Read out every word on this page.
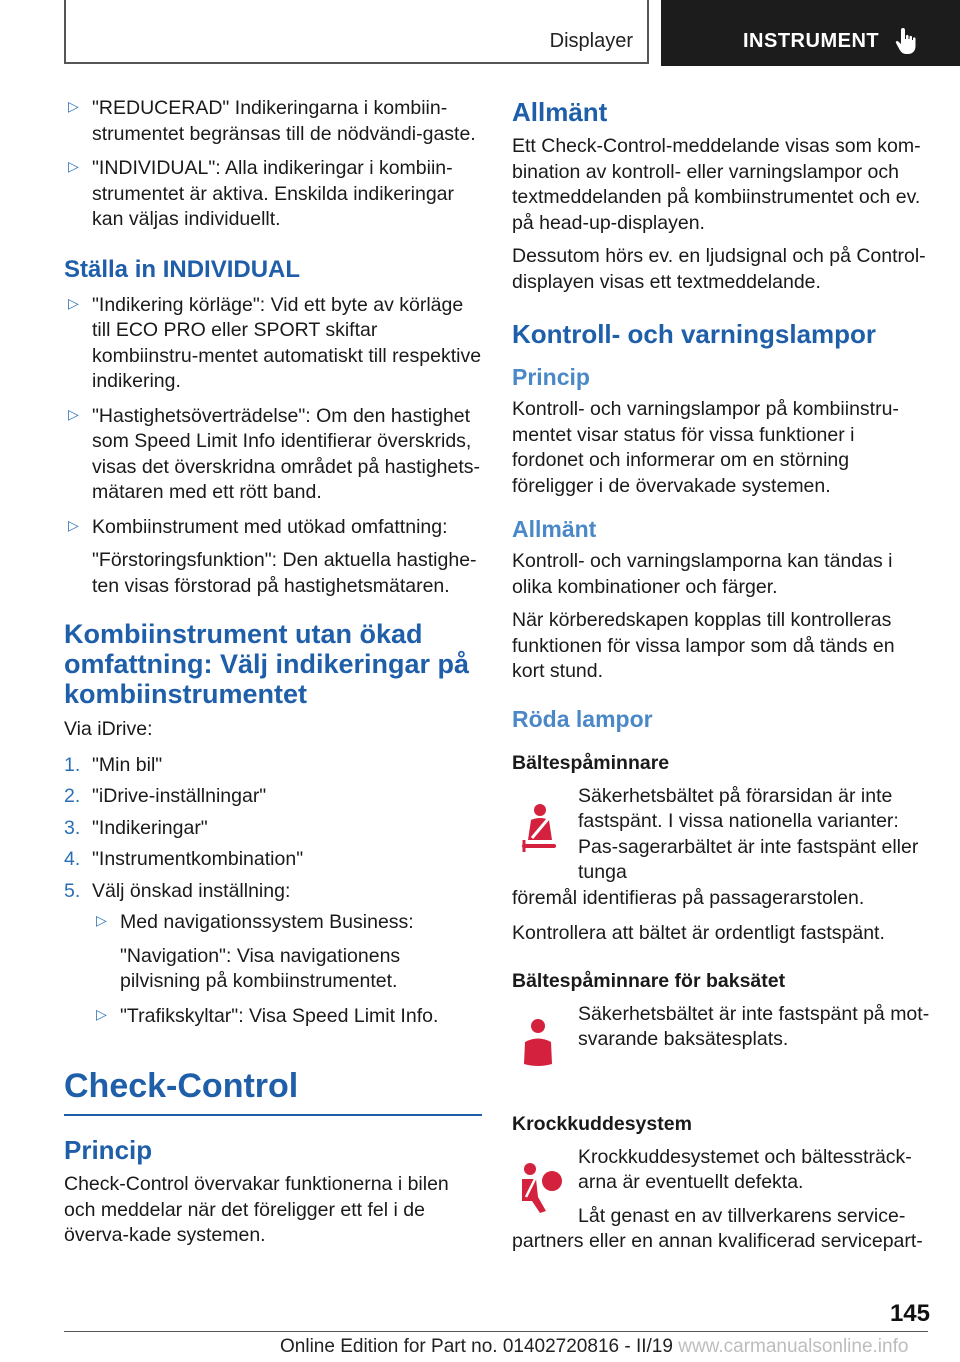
Displayer	INSTRUMENT
▷ "REDUCERAD" Indikeringarna i kombiin-strumentet begränsas till de nödvändi-gaste.

▷ "INDIVIDUAL": Alla indikeringar i kombiin-strumentet är aktiva. Enskilda indikeringar kan väljas individuellt.

Ställa in INDIVIDUAL
▷ "Indikering körläge": Vid ett byte av körläge till ECO PRO eller SPORT skiftar kombiinstru-mentet automatiskt till respektive indikering.

▷ "Hastighetsöverträdelse": Om den hastighet som Speed Limit Info identifierar överskrids, visas det överskridna området på hastighets-mätaren med ett rött band.

▷ Kombiinstrument med utökad omfattning:

"Förstoringsfunktion": Den aktuella hastighe-ten visas förstorad på hastighetsmätaren.

Kombiinstrument utan ökad omfattning: Välj indikeringar på kombiinstrumentet

Via iDrive:

1. "Min bil"

2. "iDrive-inställningar"

3. "Indikeringar"

4. "Instrumentkombination"

5. Välj önskad inställning:

▷ Med navigationssystem Business:

"Navigation": Visa navigationens pilvisning på kombiinstrumentet.

▷ "Trafikskyltar": Visa Speed Limit Info.

Check-Control
Princip

Check-Control övervakar funktionerna i bilen och meddelar när det föreligger ett fel i de överva-kade systemen.

Allmänt

Ett Check-Control-meddelande visas som kom-bination av kontroll- eller varningslampor och textmeddelanden på kombiinstrumentet och ev. på head-up-displayen.

Dessutom hörs ev. en ljudsignal och på Control-displayen visas ett textmeddelande.

Kontroll- och varningslampor
Princip

Kontroll- och varningslampor på kombiinstru-mentet visar status för vissa funktioner i fordonet och informerar om en störning föreligger i de övervakade systemen.

Allmänt

Kontroll- och varningslamporna kan tändas i olika kombinationer och färger.

När körberedskapen kopplas till kontrolleras funktionen för vissa lampor som då tänds en kort stund.

Röda lampor
Bältespåminnare

Säkerhetsbältet på förarsidan är inte fastspänt. I vissa nationella varianter: Pas-sagerarbältet är inte fastspänt eller tunga

föremål identifieras på passagerarstolen.

Kontrollera att bältet är ordentligt fastspänt.

Bältespåminnare för baksätet

Säkerhetsbältet är inte fastspänt på mot-svarande baksätesplats.

Krockkuddesystem

Krockkuddesystemet och bältessträck-arna är eventuellt defekta.

Låt genast en av tillverkarens service-

partners eller en annan kvalificerad servicepart-

145
Online Edition for Part no. 01402720816 - II/19 www.carmanualsonline.info
